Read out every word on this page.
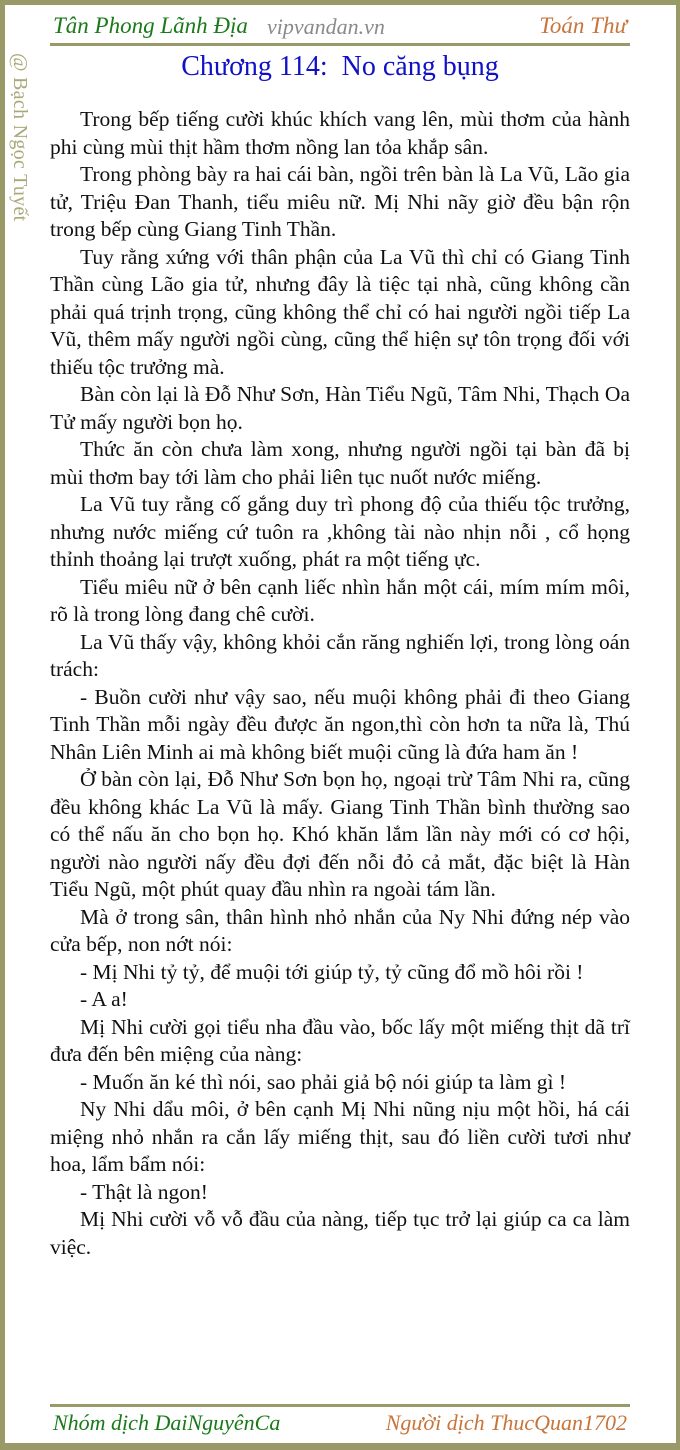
Tân Phong Lãnh Địa vipvandan.vn	Toán Thư
Chương 114:  No căng bụng
@ Bạch Ngọc Tuyết	Trong bếp tiếng cười khúc khích vang lên, mùi thơm của hành phi cùng mùi thịt hầm thơm nồng lan tỏa khắp sân.

Trong phòng bày ra hai cái bàn, ngồi trên bàn là La Vũ, Lão gia tử, Triệu Đan Thanh, tiểu miêu nữ. Mị Nhi nãy giờ đều bận rộn trong bếp cùng Giang Tinh Thần.

Tuy rằng xứng với thân phận của La Vũ thì chỉ có Giang Tinh Thần cùng Lão gia tử, nhưng đây là tiệc tại nhà, cũng không cần phải quá trịnh trọng, cũng không thể chỉ có hai người ngồi tiếp La Vũ, thêm mấy người ngồi cùng, cũng thể hiện sự tôn trọng đối với thiếu tộc trưởng mà.

Bàn còn lại là Đỗ Như Sơn, Hàn Tiểu Ngũ, Tâm Nhi, Thạch Oa Tử mấy người bọn họ.

Thức ăn còn chưa làm xong, nhưng người ngồi tại bàn đã bị mùi thơm bay tới làm cho phải liên tục nuốt nước miếng.

La Vũ tuy rằng cố gắng duy trì phong độ của thiếu tộc trưởng, nhưng nước miếng cứ tuôn ra ,không tài nào nhịn nỗi , cổ họng thỉnh thoảng lại trượt xuống, phát ra một tiếng ực.

Tiểu miêu nữ ở bên cạnh liếc nhìn hắn một cái, mím mím môi, rõ là trong lòng đang chê cười.

La Vũ thấy vậy, không khỏi cắn răng nghiến lợi, trong lòng oán trách:

- Buồn cười như vậy sao, nếu muội không phải đi theo Giang Tinh Thần mỗi ngày đều được ăn ngon,thì còn hơn ta nữa là, Thú Nhân Liên Minh ai mà không biết muội cũng là đứa ham ăn !

Ở bàn còn lại, Đỗ Như Sơn bọn họ, ngoại trừ Tâm Nhi ra, cũng đều không khác La Vũ là mấy. Giang Tinh Thần bình thường sao có thể nấu ăn cho bọn họ. Khó khăn lắm lần này mới có cơ hội, người nào người nấy đều đợi đến nỗi đỏ cả mắt, đặc biệt là Hàn Tiểu Ngũ, một phút quay đầu nhìn ra ngoài tám lần.

Mà ở trong sân, thân hình nhỏ nhắn của Ny Nhi đứng nép vào cửa bếp, non nớt nói:

- Mị Nhi tỷ tỷ, để muội tới giúp tỷ, tỷ cũng đổ mồ hôi rồi !

- A a!

Mị Nhi cười gọi tiểu nha đầu vào, bốc lấy một miếng thịt dã trĩ đưa đến bên miệng của nàng:

- Muốn ăn ké thì nói, sao phải giả bộ nói giúp ta làm gì !

Ny Nhi dẩu môi, ở bên cạnh Mị Nhi nũng nịu một hồi, há cái miệng nhỏ nhắn ra cắn lấy miếng thịt, sau đó liền cười tươi như hoa, lẩm bẩm nói:

- Thật là ngon!

Mị Nhi cười vỗ vỗ đầu của nàng, tiếp tục trở lại giúp ca ca làm việc.

Nhóm dịch DaiNguyênCa	Người dịch ThucQuan1702
